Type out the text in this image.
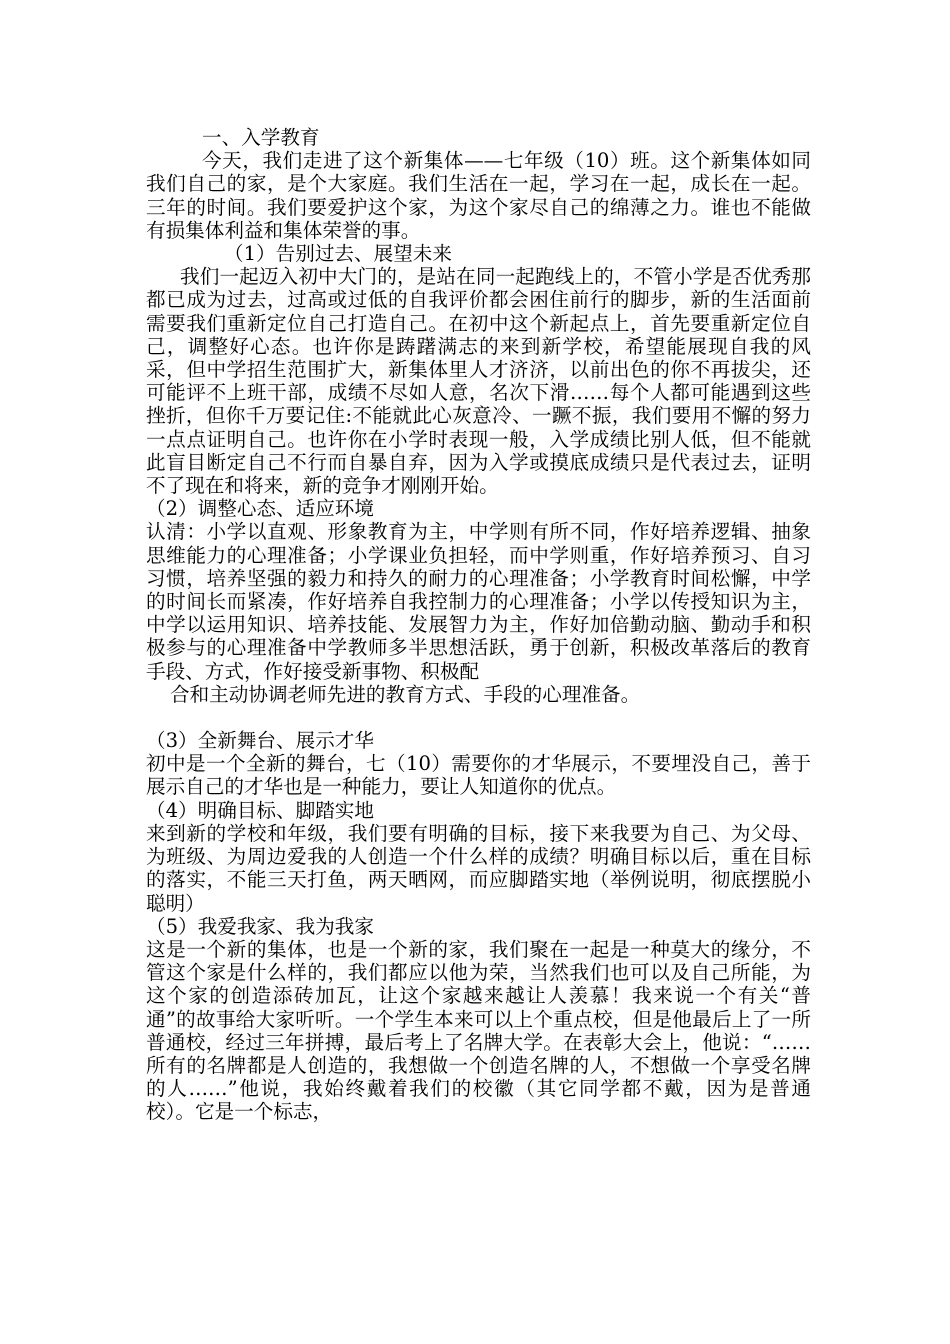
一、入学教育

今天，我们走进了这个新集体——七年级（10）班。这个新集体如同我们自己的家，是个大家庭。我们生活在一起，学习在一起，成长在一起。三年的时间。我们要爱护这个家，为这个家尽自己的绵薄之力。谁也不能做有损集体利益和集体荣誉的事。

（1）告别过去、展望未来

我们一起迈入初中大门的，是站在同一起跑线上的，不管小学是否优秀那都已成为过去，过高或过低的自我评价都会困住前行的脚步，新的生活面前需要我们重新定位自己打造自己。在初中这个新起点上，首先要重新定位自己，调整好心态。也许你是踌躇满志的来到新学校，希望能展现自我的风采，但中学招生范围扩大，新集体里人才济济，以前出色的你不再拔尖，还可能评不上班干部，成绩不尽如人意，名次下滑……每个人都可能遇到这些挫折，但你千万要记住:不能就此心灰意冷、一蹶不振，我们要用不懈的努力一点点证明自己。也许你在小学时表现一般，入学成绩比别人低，但不能就此盲目断定自己不行而自暴自弃，因为入学或摸底成绩只是代表过去，证明不了现在和将来，新的竞争才刚刚开始。

（2）调整心态、适应环境

认清：小学以直观、形象教育为主，中学则有所不同，作好培养逻辑、抽象思维能力的心理准备；小学课业负担轻，而中学则重，作好培养预习、自习习惯，培养坚强的毅力和持久的耐力的心理准备；小学教育时间松懈，中学的时间长而紧凑，作好培养自我控制力的心理准备；小学以传授知识为主，中学以运用知识、培养技能、发展智力为主，作好加倍勤动脑、勤动手和积极参与的心理准备中学教师多半思想活跃，勇于创新，积极改革落后的教育手段、方式，作好接受新事物、积极配

合和主动协调老师先进的教育方式、手段的心理准备。

（3）全新舞台、展示才华

初中是一个全新的舞台，七（10）需要你的才华展示，不要埋没自己，善于展示自己的才华也是一种能力，要让人知道你的优点。

（4）明确目标、脚踏实地

来到新的学校和年级，我们要有明确的目标，接下来我要为自己、为父母、为班级、为周边爱我的人创造一个什么样的成绩？明确目标以后，重在目标的落实，不能三天打鱼，两天晒网，而应脚踏实地（举例说明，彻底摆脱小聪明）

（5）我爱我家、我为我家

这是一个新的集体，也是一个新的家，我们聚在一起是一种莫大的缘分，不管这个家是什么样的，我们都应以他为荣，当然我们也可以及自己所能，为这个家的创造添砖加瓦，让这个家越来越让人羡慕！我来说一个有关“普通”的故事给大家听听。一个学生本来可以上个重点校，但是他最后上了一所普通校，经过三年拼搏，最后考上了名牌大学。在表彰大会上，他说：“……所有的名牌都是人创造的，我想做一个创造名牌的人，不想做一个享受名牌的人……”他说，我始终戴着我们的校徽（其它同学都不戴，因为是普通校）。它是一个标志，
